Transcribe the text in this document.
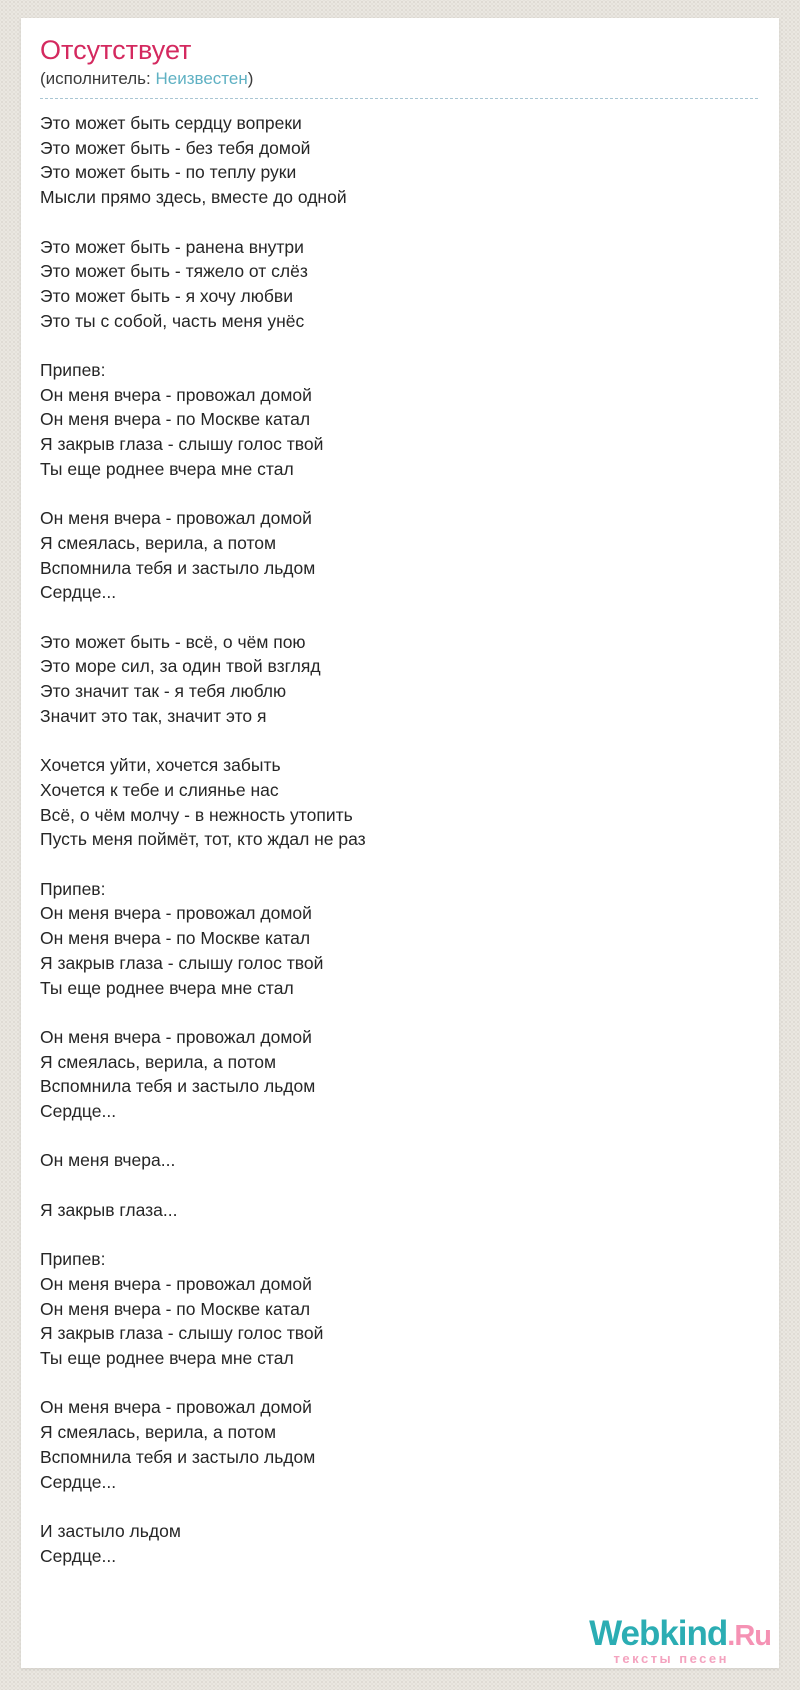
Отсутствует
(исполнитель: Неизвестен)

Это может быть сердцу вопреки

Это может быть - без тебя домой

Это может быть - по теплу руки

Мысли прямо здесь, вместе до одной

Это может быть - ранена внутри

Это может быть - тяжело от слёз

Это может быть - я хочу любви

Это ты с собой, часть меня унёс

Припев:

Он меня вчера - провожал домой

Он меня вчера - по Москве катал

Я закрыв глаза - слышу голос твой

Ты еще роднее вчера мне стал

Он меня вчера - провожал домой

Я смеялась, верила, а потом

Вспомнила тебя и застыло льдом

Сердце...

Это может быть - всё, о чём пою

Это море сил, за один твой взгляд

Это значит так - я тебя люблю

Значит это так, значит это я

Хочется уйти, хочется забыть

Хочется к тебе и слиянье нас

Всё, о чём молчу - в нежность утопить

Пусть меня поймёт, тот, кто ждал не раз

Припев:

Он меня вчера - провожал домой

Он меня вчера - по Москве катал

Я закрыв глаза - слышу голос твой

Ты еще роднее вчера мне стал

Он меня вчера - провожал домой

Я смеялась, верила, а потом

Вспомнила тебя и застыло льдом

Сердце...

Он меня вчера...

Я закрыв глаза...

Припев:

Он меня вчера - провожал домой

Он меня вчера - по Москве катал

Я закрыв глаза - слышу голос твой

Ты еще роднее вчера мне стал

Он меня вчера - провожал домой

Я смеялась, верила, а потом

Вспомнила тебя и застыло льдом

Сердце...

И застыло льдом

Сердце...

Webkind.Ru
тексты песен
